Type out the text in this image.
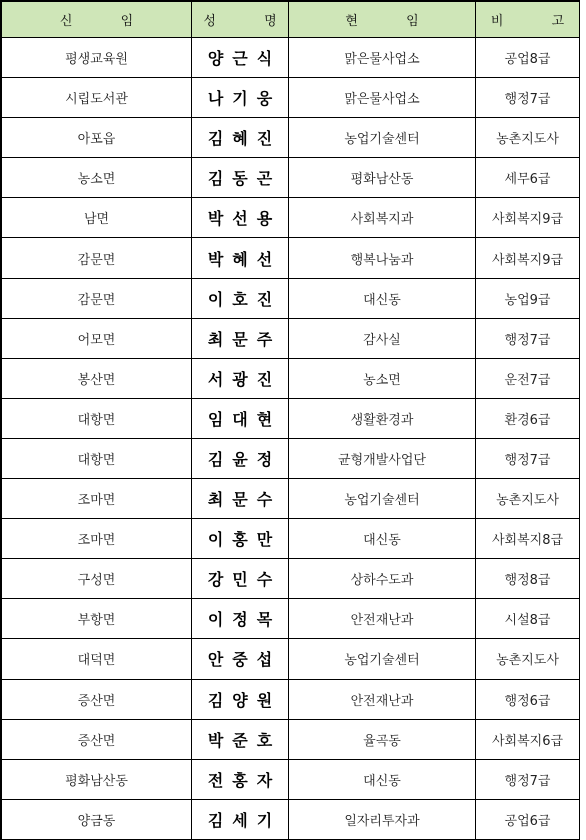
신 임	성 명	현 임	비 고
평생교육원	양근식	맑은물사업소	공업8급
시립도서관	나기웅	맑은물사업소	행정7급
아포읍	김혜진	농업기술센터	농촌지도사
농소면	김동곤	평화남산동	세무6급
남면	박선용	사회복지과	사회복지9급
감문면	박혜선	행복나눔과	사회복지9급
감문면	이호진	대신동	농업9급
어모면	최문주	감사실	행정7급
봉산면	서광진	농소면	운전7급
대항면	임대현	생활환경과	환경6급
대항면	김윤정	균형개발사업단	행정7급
조마면	최문수	농업기술센터	농촌지도사
조마면	이홍만	대신동	사회복지8급
구성면	강민수	상하수도과	행정8급
부항면	이정목	안전재난과	시설8급
대덕면	안중섭	농업기술센터	농촌지도사
증산면	김양원	안전재난과	행정6급
증산면	박준호	율곡동	사회복지6급
평화남산동	전홍자	대신동	행정7급
양금동	김세기	일자리투자과	공업6급
